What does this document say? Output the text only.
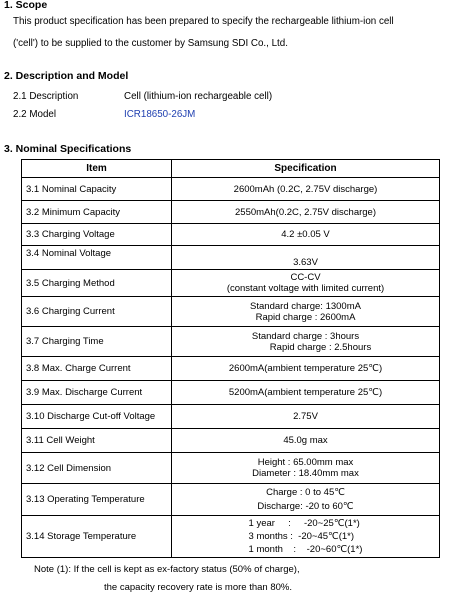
1. Scope
This product specification has been prepared to specify the rechargeable lithium-ion cell
('cell') to be supplied to the customer by Samsung SDI Co., Ltd.
2. Description and Model
2.1 Description	Cell (lithium-ion rechargeable cell)
2.2 Model	ICR18650-26JM
3. Nominal Specifications
Item	Specification
3.1 Nominal Capacity	2600mAh (0.2C, 2.75V discharge)

3.2 Minimum Capacity	2550mAh(0.2C, 2.75V discharge)

3.3 Charging Voltage	4.2 ±0.05 V

3.4 Nominal Voltage	3.63V

3.5 Charging Method	CC-CV
(constant voltage with limited current)

3.6 Charging Current	Standard charge: 1300mA
Rapid charge : 2600mA

3.7 Charging Time	Standard charge : 3hours
Rapid charge : 2.5hours

3.8 Max. Charge Current	2600mA(ambient temperature 25℃)

3.9 Max. Discharge Current	5200mA(ambient temperature 25℃)

3.10 Discharge Cut-off Voltage	2.75V

3.11 Cell Weight	45.0g max

3.12 Cell Dimension	Height : 65.00mm max
Diameter : 18.40mm max

3.13 Operating Temperature	Charge : 0 to 45℃
Discharge: -20 to 60℃

3.14 Storage Temperature	1 year     :     -20~25℃(1*)
3 months :  -20~45℃(1*)
1 month    :    -20~60℃(1*)
Note (1): If the cell is kept as ex-factory status (50% of charge),
the capacity recovery rate is more than 80%.
